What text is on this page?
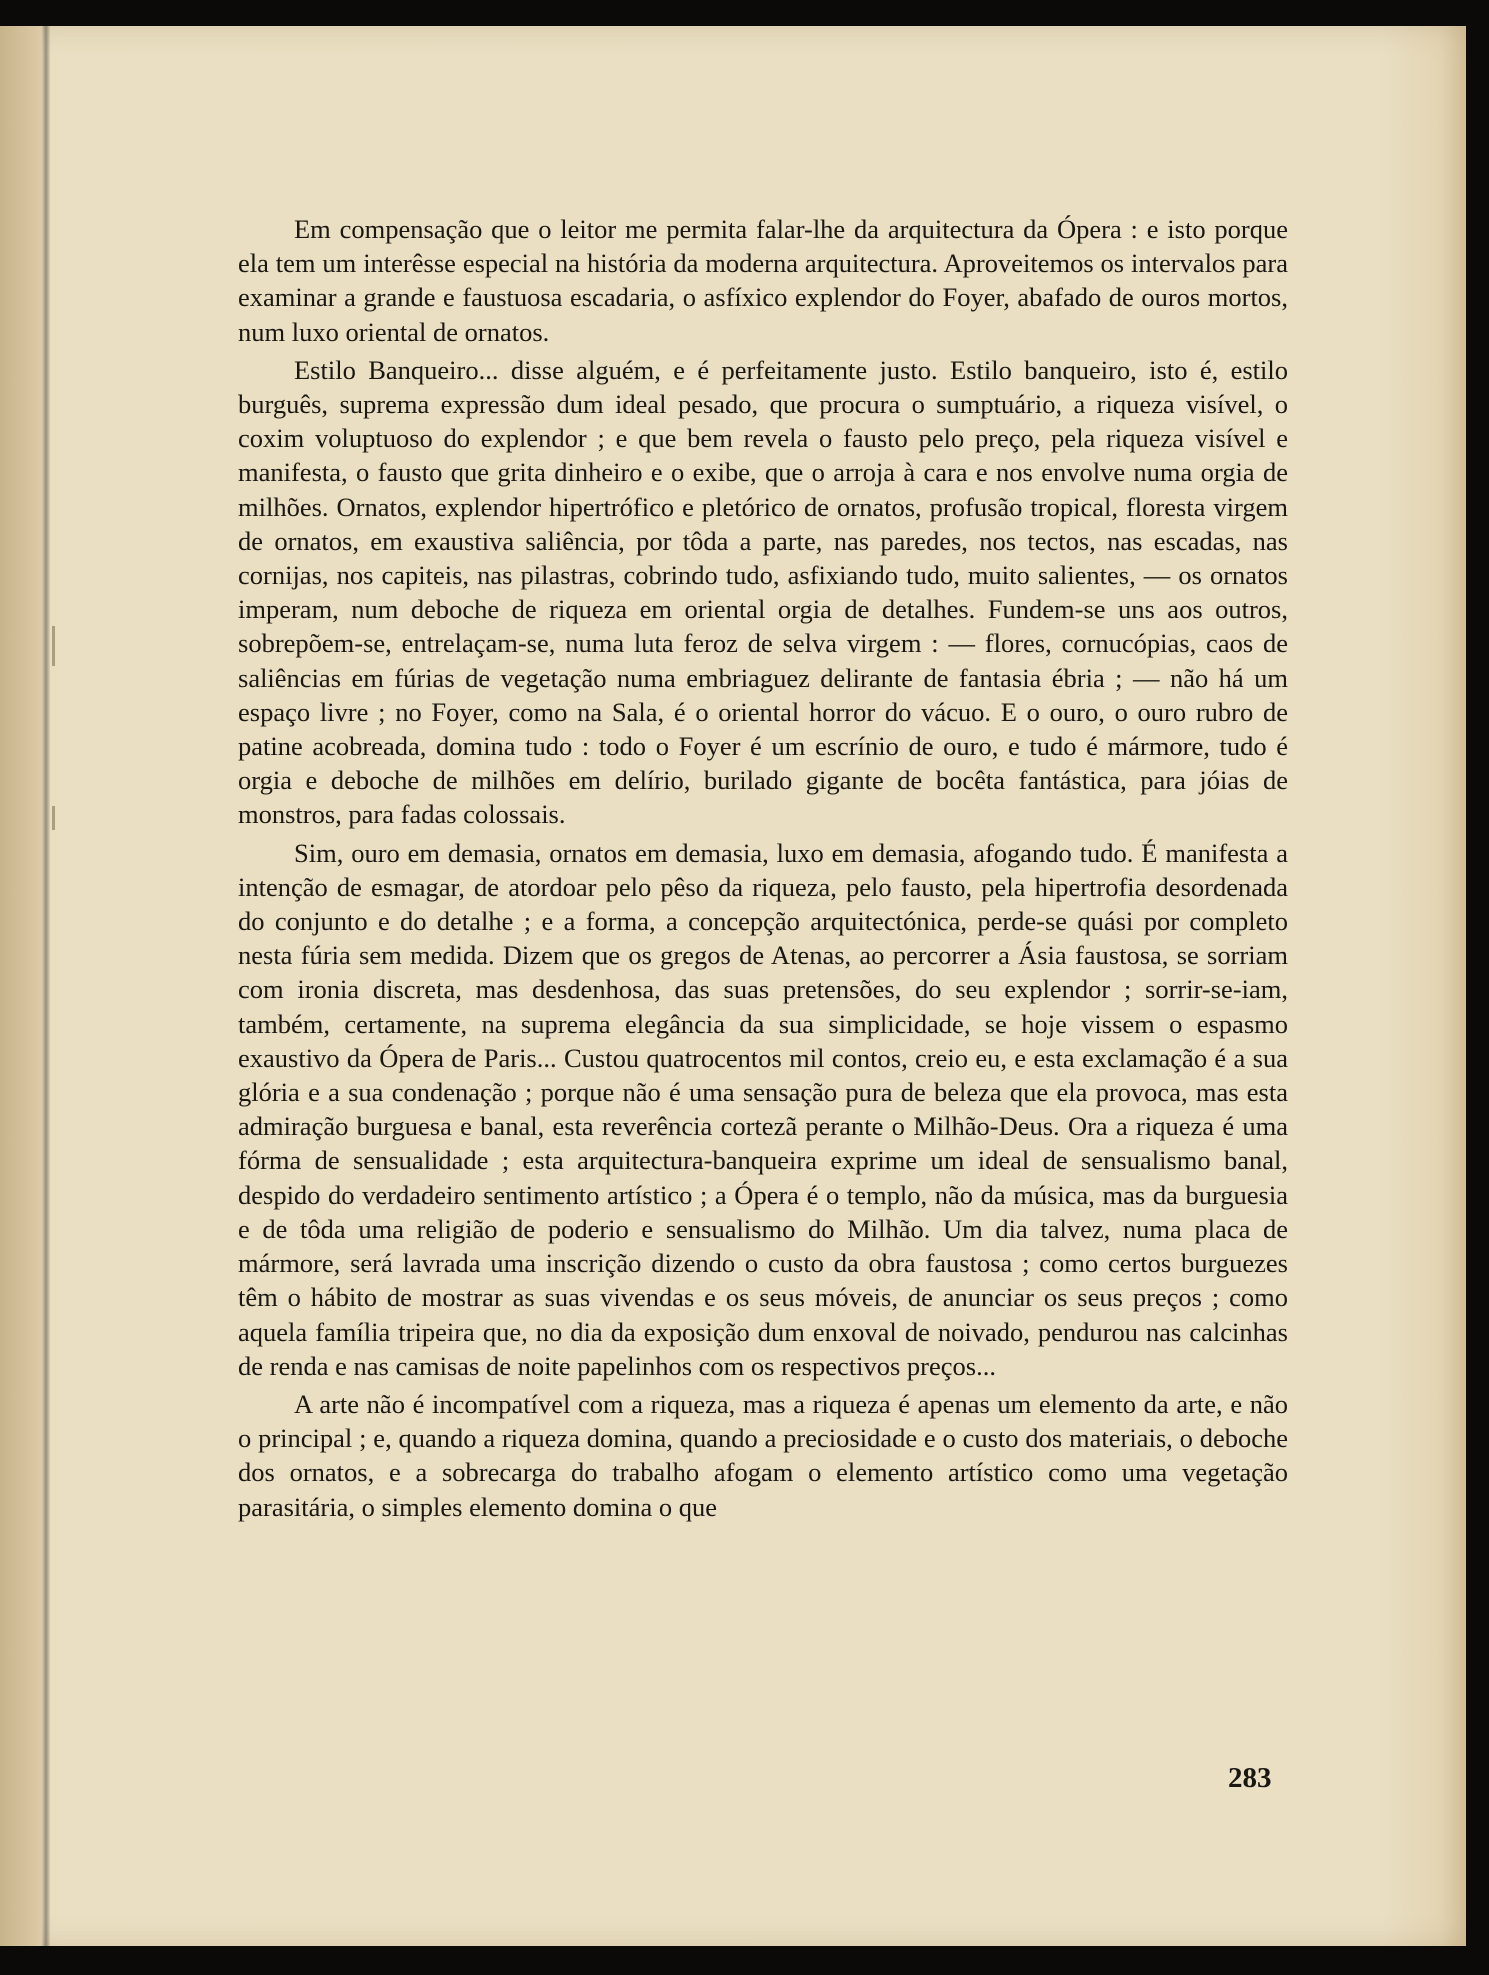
Em compensação que o leitor me permita falar-lhe da arquitectura da Ópera : e isto porque ela tem um interêsse especial na história da moderna arquitectura. Aproveitemos os intervalos para examinar a grande e faustuosa escadaria, o asfíxico explendor do Foyer, abafado de ouros mortos, num luxo oriental de ornatos.

Estilo Banqueiro... disse alguém, e é perfeitamente justo. Estilo banqueiro, isto é, estilo burguês, suprema expressão dum ideal pesado, que procura o sumptuário, a riqueza visível, o coxim voluptuoso do explendor ; e que bem revela o fausto pelo preço, pela riqueza visível e manifesta, o fausto que grita dinheiro e o exibe, que o arroja à cara e nos envolve numa orgia de milhões. Ornatos, explendor hipertrófico e pletórico de ornatos, profusão tropical, floresta virgem de ornatos, em exaustiva saliência, por tôda a parte, nas paredes, nos tectos, nas escadas, nas cornijas, nos capiteis, nas pilastras, cobrindo tudo, asfixiando tudo, muito salientes, — os ornatos imperam, num deboche de riqueza em oriental orgia de detalhes. Fundem-se uns aos outros, sobrepõem-se, entrelaçam-se, numa luta feroz de selva virgem : — flores, cornucópias, caos de saliências em fúrias de vegetação numa embriaguez delirante de fantasia ébria ; — não há um espaço livre ; no Foyer, como na Sala, é o oriental horror do vácuo. E o ouro, o ouro rubro de patine acobreada, domina tudo : todo o Foyer é um escrínio de ouro, e tudo é mármore, tudo é orgia e deboche de milhões em delírio, burilado gigante de bocêta fantástica, para jóias de monstros, para fadas colossais.

Sim, ouro em demasia, ornatos em demasia, luxo em demasia, afogando tudo. É manifesta a intenção de esmagar, de atordoar pelo pêso da riqueza, pelo fausto, pela hipertrofia desordenada do conjunto e do detalhe ; e a forma, a concepção arquitectónica, perde-se quási por completo nesta fúria sem medida. Dizem que os gregos de Atenas, ao percorrer a Ásia faustosa, se sorriam com ironia discreta, mas desdenhosa, das suas pretensões, do seu explendor ; sorrir-se-iam, também, certamente, na suprema elegância da sua simplicidade, se hoje vissem o espasmo exaustivo da Ópera de Paris... Custou quatrocentos mil contos, creio eu, e esta exclamação é a sua glória e a sua condenação ; porque não é uma sensação pura de beleza que ela provoca, mas esta admiração burguesa e banal, esta reverência cortezã perante o Milhão-Deus. Ora a riqueza é uma fórma de sensualidade ; esta arquitectura-banqueira exprime um ideal de sensualismo banal, despido do verdadeiro sentimento artístico ; a Ópera é o templo, não da música, mas da burguesia e de tôda uma religião de poderio e sensualismo do Milhão. Um dia talvez, numa placa de mármore, será lavrada uma inscrição dizendo o custo da obra faustosa ; como certos burguezes têm o hábito de mostrar as suas vivendas e os seus móveis, de anunciar os seus preços ; como aquela família tripeira que, no dia da exposição dum enxoval de noivado, pendurou nas calcinhas de renda e nas camisas de noite papelinhos com os respectivos preços...

A arte não é incompatível com a riqueza, mas a riqueza é apenas um elemento da arte, e não o principal ; e, quando a riqueza domina, quando a preciosidade e o custo dos materiais, o deboche dos ornatos, e a sobrecarga do trabalho afogam o elemento artístico como uma vegetação parasitária, o simples elemento domina o que

283
